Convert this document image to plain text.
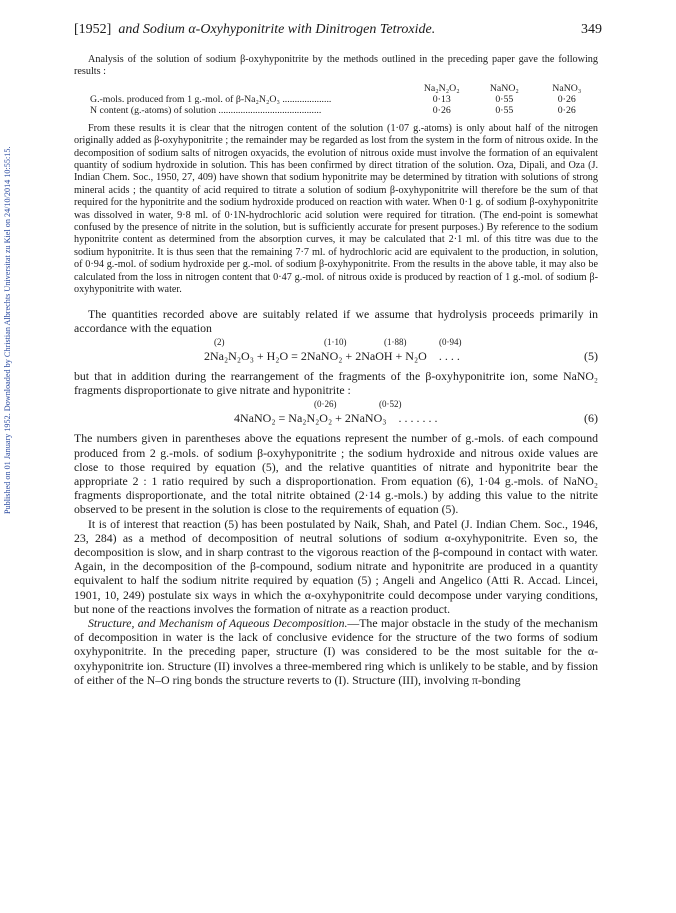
Published on 01 January 1952. Downloaded by Christian Albrechts Universitat zu Kiel on 24/10/2014 10:55:15.
[1952] and Sodium α-Oxyhyponitrite with Dinitrogen Tetroxide.	349

Analysis of the solution of sodium β-oxyhyponitrite by the methods outlined in the preceding paper gave the following results :

	Na₂N₂O₂	NaNO₂	NaNO₃
G.-mols. produced from 1 g.-mol. of β-Na₂N₂O₃ ....................	0·13	0·55	0·26
N content (g.-atoms) of solution ..........................................	0·26	0·55	0·26

From these results it is clear that the nitrogen content of the solution (1·07 g.-atoms) is only about half of the nitrogen originally added as β-oxyhyponitrite ; the remainder may be regarded as lost from the system in the form of nitrous oxide. In the decomposition of sodium salts of nitrogen oxyacids, the evolution of nitrous oxide must involve the formation of an equivalent quantity of sodium hydroxide in solution. This has been confirmed by direct titration of the solution. Oza, Dipali, and Oza (J. Indian Chem. Soc., 1950, 27, 409) have shown that sodium hyponitrite may be determined by titration with solutions of strong mineral acids ; the quantity of acid required to titrate a solution of sodium β-oxyhyponitrite will therefore be the sum of that required for the hyponitrite and the sodium hydroxide produced on reaction with water. When 0·1 g. of sodium β-oxyhyponitrite was dissolved in water, 9·8 ml. of 0·1N-hydrochloric acid solution were required for titration. (The end-point is somewhat confused by the presence of nitrite in the solution, but is sufficiently accurate for present purposes.) By reference to the sodium hyponitrite content as determined from the absorption curves, it may be calculated that 2·1 ml. of this titre was due to the sodium hyponitrite. It is thus seen that the remaining 7·7 ml. of hydrochloric acid are equivalent to the production, in solution, of 0·94 g.-mol. of sodium hydroxide per g.-mol. of sodium β-oxyhyponitrite. From the results in the above table, it may also be calculated from the loss in nitrogen content that 0·47 g.-mol. of nitrous oxide is produced by reaction of 1 g.-mol. of sodium β-oxyhyponitrite with water.

The quantities recorded above are suitably related if we assume that hydrolysis proceeds primarily in accordance with the equation

(2)	(1·10)	(1·88)	(0·94)
2Na₂N₂O₃ + H₂O = 2NaNO₂ + 2NaOH + N₂O . . . .	(5)

but that in addition during the rearrangement of the fragments of the β-oxyhyponitrite ion, some NaNO₂ fragments disproportionate to give nitrate and hyponitrite :

(0·26)	(0·52)
4NaNO₂ = Na₂N₂O₂ + 2NaNO₃ . . . . . . .	(6)

The numbers given in parentheses above the equations represent the number of g.-mols. of each compound produced from 2 g.-mols. of sodium β-oxyhyponitrite ; the sodium hydroxide and nitrous oxide values are close to those required by equation (5), and the relative quantities of nitrate and hyponitrite bear the appropriate 2 : 1 ratio required by such a disproportionation. From equation (6), 1·04 g.-mols. of NaNO₂ fragments disproportionate, and the total nitrite obtained (2·14 g.-mols.) by adding this value to the nitrite observed to be present in the solution is close to the requirements of equation (5).

It is of interest that reaction (5) has been postulated by Naik, Shah, and Patel (J. Indian Chem. Soc., 1946, 23, 284) as a method of decomposition of neutral solutions of sodium α-oxyhyponitrite. Even so, the decomposition is slow, and in sharp contrast to the vigorous reaction of the β-compound in contact with water. Again, in the decomposition of the β-compound, sodium nitrate and hyponitrite are produced in a quantity equivalent to half the sodium nitrite required by equation (5) ; Angeli and Angelico (Atti R. Accad. Lincei, 1901, 10, 249) postulate six ways in which the α-oxyhyponitrite could decompose under varying conditions, but none of the reactions involves the formation of nitrate as a reaction product.

Structure, and Mechanism of Aqueous Decomposition.—The major obstacle in the study of the mechanism of decomposition in water is the lack of conclusive evidence for the structure of the two forms of sodium oxyhyponitrite. In the preceding paper, structure (I) was considered to be the most suitable for the α-oxyhyponitrite ion. Structure (II) involves a three-membered ring which is unlikely to be stable, and by fission of either of the N–O ring bonds the structure reverts to (I). Structure (III), involving π-bonding
